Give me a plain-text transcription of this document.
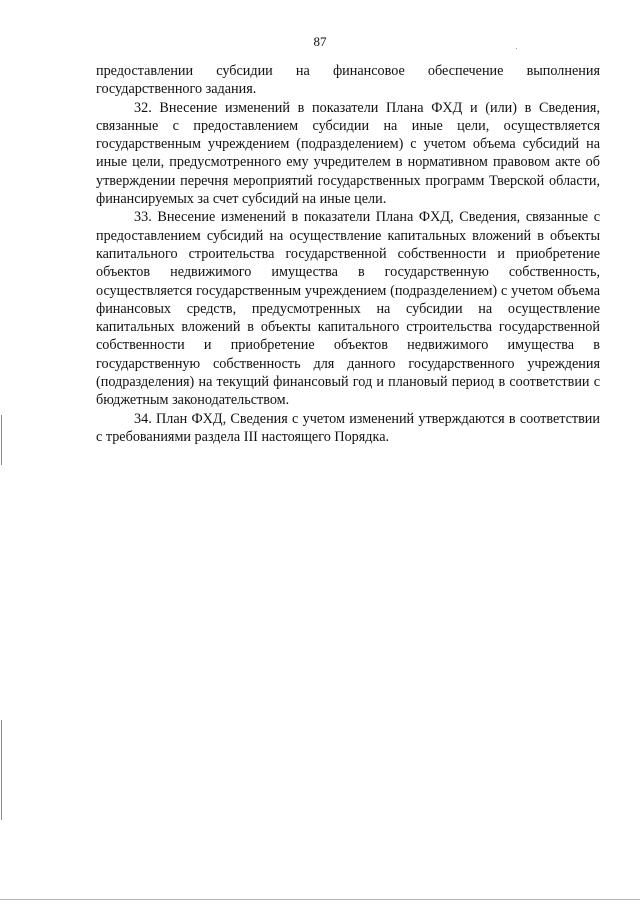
87

предоставлении субсидии на финансовое обеспечение выполнения государственного задания.

32. Внесение изменений в показатели Плана ФХД и (или) в Сведения, связанные с предоставлением субсидии на иные цели, осуществляется государственным учреждением (подразделением) с учетом объема субсидий на иные цели, предусмотренного ему учредителем в нормативном правовом акте об утверждении перечня мероприятий государственных программ Тверской области, финансируемых за счет субсидий на иные цели.

33. Внесение изменений в показатели Плана ФХД, Сведения, связанные с предоставлением субсидий на осуществление капитальных вложений в объекты капитального строительства государственной собственности и приобретение объектов недвижимого имущества в государственную собственность, осуществляется государственным учреждением (подразделением) с учетом объема финансовых средств, предусмотренных на субсидии на осуществление капитальных вложений в объекты капитального строительства государственной собственности и приобретение объектов недвижимого имущества в государственную собственность для данного государственного учреждения (подразделения) на текущий финансовый год и плановый период в соответствии с бюджетным законодательством.

34. План ФХД, Сведения с учетом изменений утверждаются в соответствии с требованиями раздела III настоящего Порядка.
